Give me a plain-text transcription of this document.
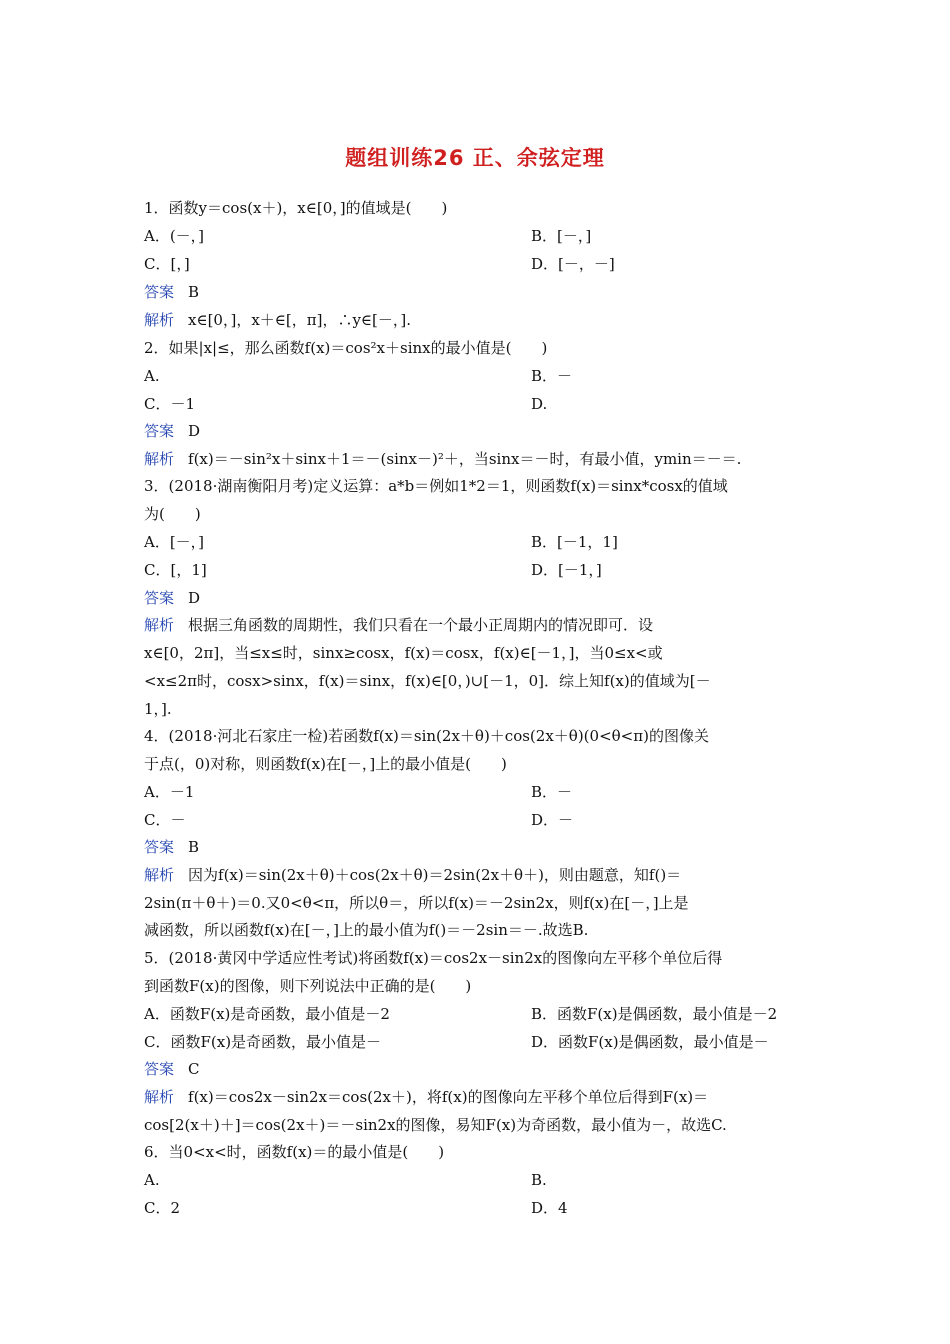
题组训练26 正、余弦定理
1．函数y＝cos(x＋)，x∈[0，]的值域是(　　)
A．(－，]	B．[－，]
C．[，]	D．[－，－]
答案 B
解析 x∈[0，]，x＋∈[，π]，∴y∈[－，].
2．如果|x|≤，那么函数f(x)＝cos²x＋sinx的最小值是(　　)
A.	B．－
C．－1	D.
答案 D
解析 f(x)＝－sin²x＋sinx＋1＝－(sinx－)²＋，当sinx＝－时，有最小值，ymin＝－＝.
3．(2018·湖南衡阳月考)定义运算：a*b＝例如1*2＝1，则函数f(x)＝sinx*cosx的值域
为(　　)
A．[－，]	B．[－1，1]
C．[，1]	D．[－1，]
答案 D
解析 根据三角函数的周期性，我们只看在一个最小正周期内的情况即可．设
x∈[0，2π]，当≤x≤时，sinx≥cosx，f(x)＝cosx，f(x)∈[－1，]，当0≤x<或
<x≤2π时，cosx>sinx，f(x)＝sinx，f(x)∈[0，)∪[－1，0]．综上知f(x)的值域为[－
1，].
4．(2018·河北石家庄一检)若函数f(x)＝sin(2x＋θ)＋cos(2x＋θ)(0<θ<π)的图像关
于点(，0)对称，则函数f(x)在[－，]上的最小值是(　　)
A．－1	B．－
C．－	D．－
答案 B
解析 因为f(x)＝sin(2x＋θ)＋cos(2x＋θ)＝2sin(2x＋θ＋)，则由题意，知f()＝
2sin(π＋θ＋)＝0.又0<θ<π，所以θ＝，所以f(x)＝－2sin2x，则f(x)在[－，]上是
减函数，所以函数f(x)在[－，]上的最小值为f()＝－2sin＝－.故选B.
5．(2018·黄冈中学适应性考试)将函数f(x)＝cos2x－sin2x的图像向左平移个单位后得
到函数F(x)的图像，则下列说法中正确的是(　　)
A．函数F(x)是奇函数，最小值是－2	B．函数F(x)是偶函数，最小值是－2
C．函数F(x)是奇函数，最小值是－	D．函数F(x)是偶函数，最小值是－
答案 C
解析 f(x)＝cos2x－sin2x＝cos(2x＋)，将f(x)的图像向左平移个单位后得到F(x)＝
cos[2(x＋)＋]＝cos(2x＋)＝－sin2x的图像，易知F(x)为奇函数，最小值为－，故选C.
6．当0<x<时，函数f(x)＝的最小值是(　　)
A.	B.
C．2	D．4
